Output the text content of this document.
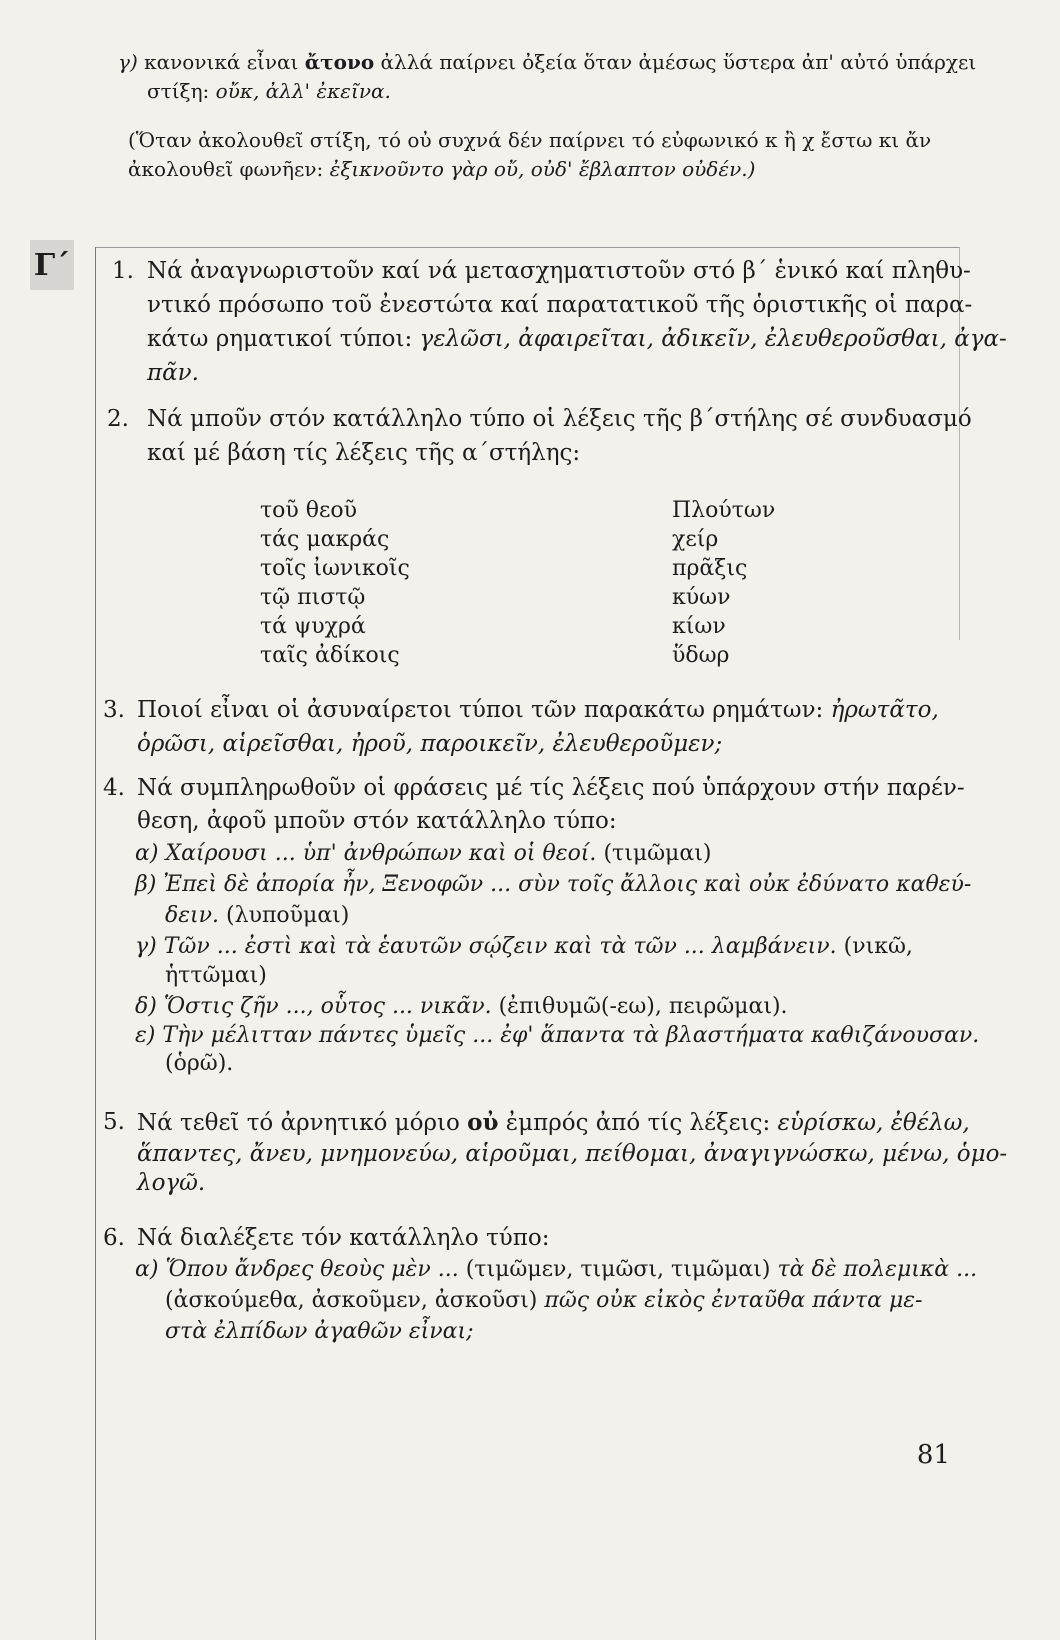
γ) κανονικά εἶναι ἄτονο ἀλλά παίρνει ὀξεία ὅταν ἀμέσως ὕστερα ἀπ' αὐτό ὑπάρχει
στίξη: οὔκ, ἀλλ' ἐκεῖνα.
(Ὅταν ἀκολουθεῖ στίξη, τό οὐ συχνά δέν παίρνει τό εὐφωνικό κ ἢ χ ἔστω κι ἄν
ἀκολουθεῖ φωνῆεν: ἐξικνοῦντο γὰρ οὔ, οὐδ' ἔβλαπτον οὐδέν.)
Γ΄ 1. Νά ἀναγνωριστοῦν καί νά μετασχηματιστοῦν στό β΄ ἑνικό καί πληθυ-
ντικό πρόσωπο τοῦ ἐνεστώτα καί παρατατικοῦ τῆς ὁριστικῆς οἱ παρα-
κάτω ρηματικοί τύποι: γελῶσι, ἀφαιρεῖται, ἀδικεῖν, ἐλευθεροῦσθαι, ἀγα-
πᾶν.
2. Νά μποῦν στόν κατάλληλο τύπο οἱ λέξεις τῆς β΄στήλης σέ συνδυασμό
καί μέ βάση τίς λέξεις τῆς α΄στήλης:
τοῦ θεοῦ
τάς μακράς
τοῖς ἰωνικοῖς
τῷ πιστῷ
τά ψυχρά
ταῖς ἀδίκοις
Πλούτων
χείρ
πρᾶξις
κύων
κίων
ὕδωρ
3. Ποιοί εἶναι οἱ ἀσυναίρετοι τύποι τῶν παρακάτω ρημάτων: ἠρωτᾶτο,
ὁρῶσι, αἱρεῖσθαι, ἠροῦ, παροικεῖν, ἐλευθεροῦμεν;
4. Νά συμπληρωθοῦν οἱ φράσεις μέ τίς λέξεις πού ὑπάρχουν στήν παρέν-
θεση, ἀφοῦ μποῦν στόν κατάλληλο τύπο:
α) Χαίρουσι ... ὑπ' ἀνθρώπων καὶ οἱ θεοί. (τιμῶμαι)
β) Ἐπεὶ δὲ ἀπορία ἦν, Ξενοφῶν ... σὺν τοῖς ἄλλοις καὶ οὐκ ἐδύνατο καθεύ-
δειν. (λυποῦμαι)
γ) Τῶν ... ἐστὶ καὶ τὰ ἑαυτῶν σῴζειν καὶ τὰ τῶν ... λαμβάνειν. (νικῶ,
ἡττῶμαι)
δ) Ὅστις ζῆν ..., οὗτος ... νικᾶν. (ἐπιθυμῶ(-εω), πειρῶμαι).
ε) Τὴν μέλιτταν πάντες ὑμεῖς ... ἐφ' ἅπαντα τὰ βλαστήματα καθιζάνουσαν.
(ὁρῶ).
5. Νά τεθεῖ τό ἀρνητικό μόριο οὐ ἐμπρός ἀπό τίς λέξεις: εὑρίσκω, ἐθέλω,
ἅπαντες, ἄνευ, μνημονεύω, αἱροῦμαι, πείθομαι, ἀναγιγνώσκω, μένω, ὁμο-
λογῶ.
6. Νά διαλέξετε τόν κατάλληλο τύπο:
α) Ὅπου ἄνδρες θεοὺς μὲν ... (τιμῶμεν, τιμῶσι, τιμῶμαι) τὰ δὲ πολεμικὰ ...
(ἀσκούμεθα, ἀσκοῦμεν, ἀσκοῦσι) πῶς οὐκ εἰκὸς ἐνταῦθα πάντα με-
στὰ ἐλπίδων ἀγαθῶν εἶναι;
81
